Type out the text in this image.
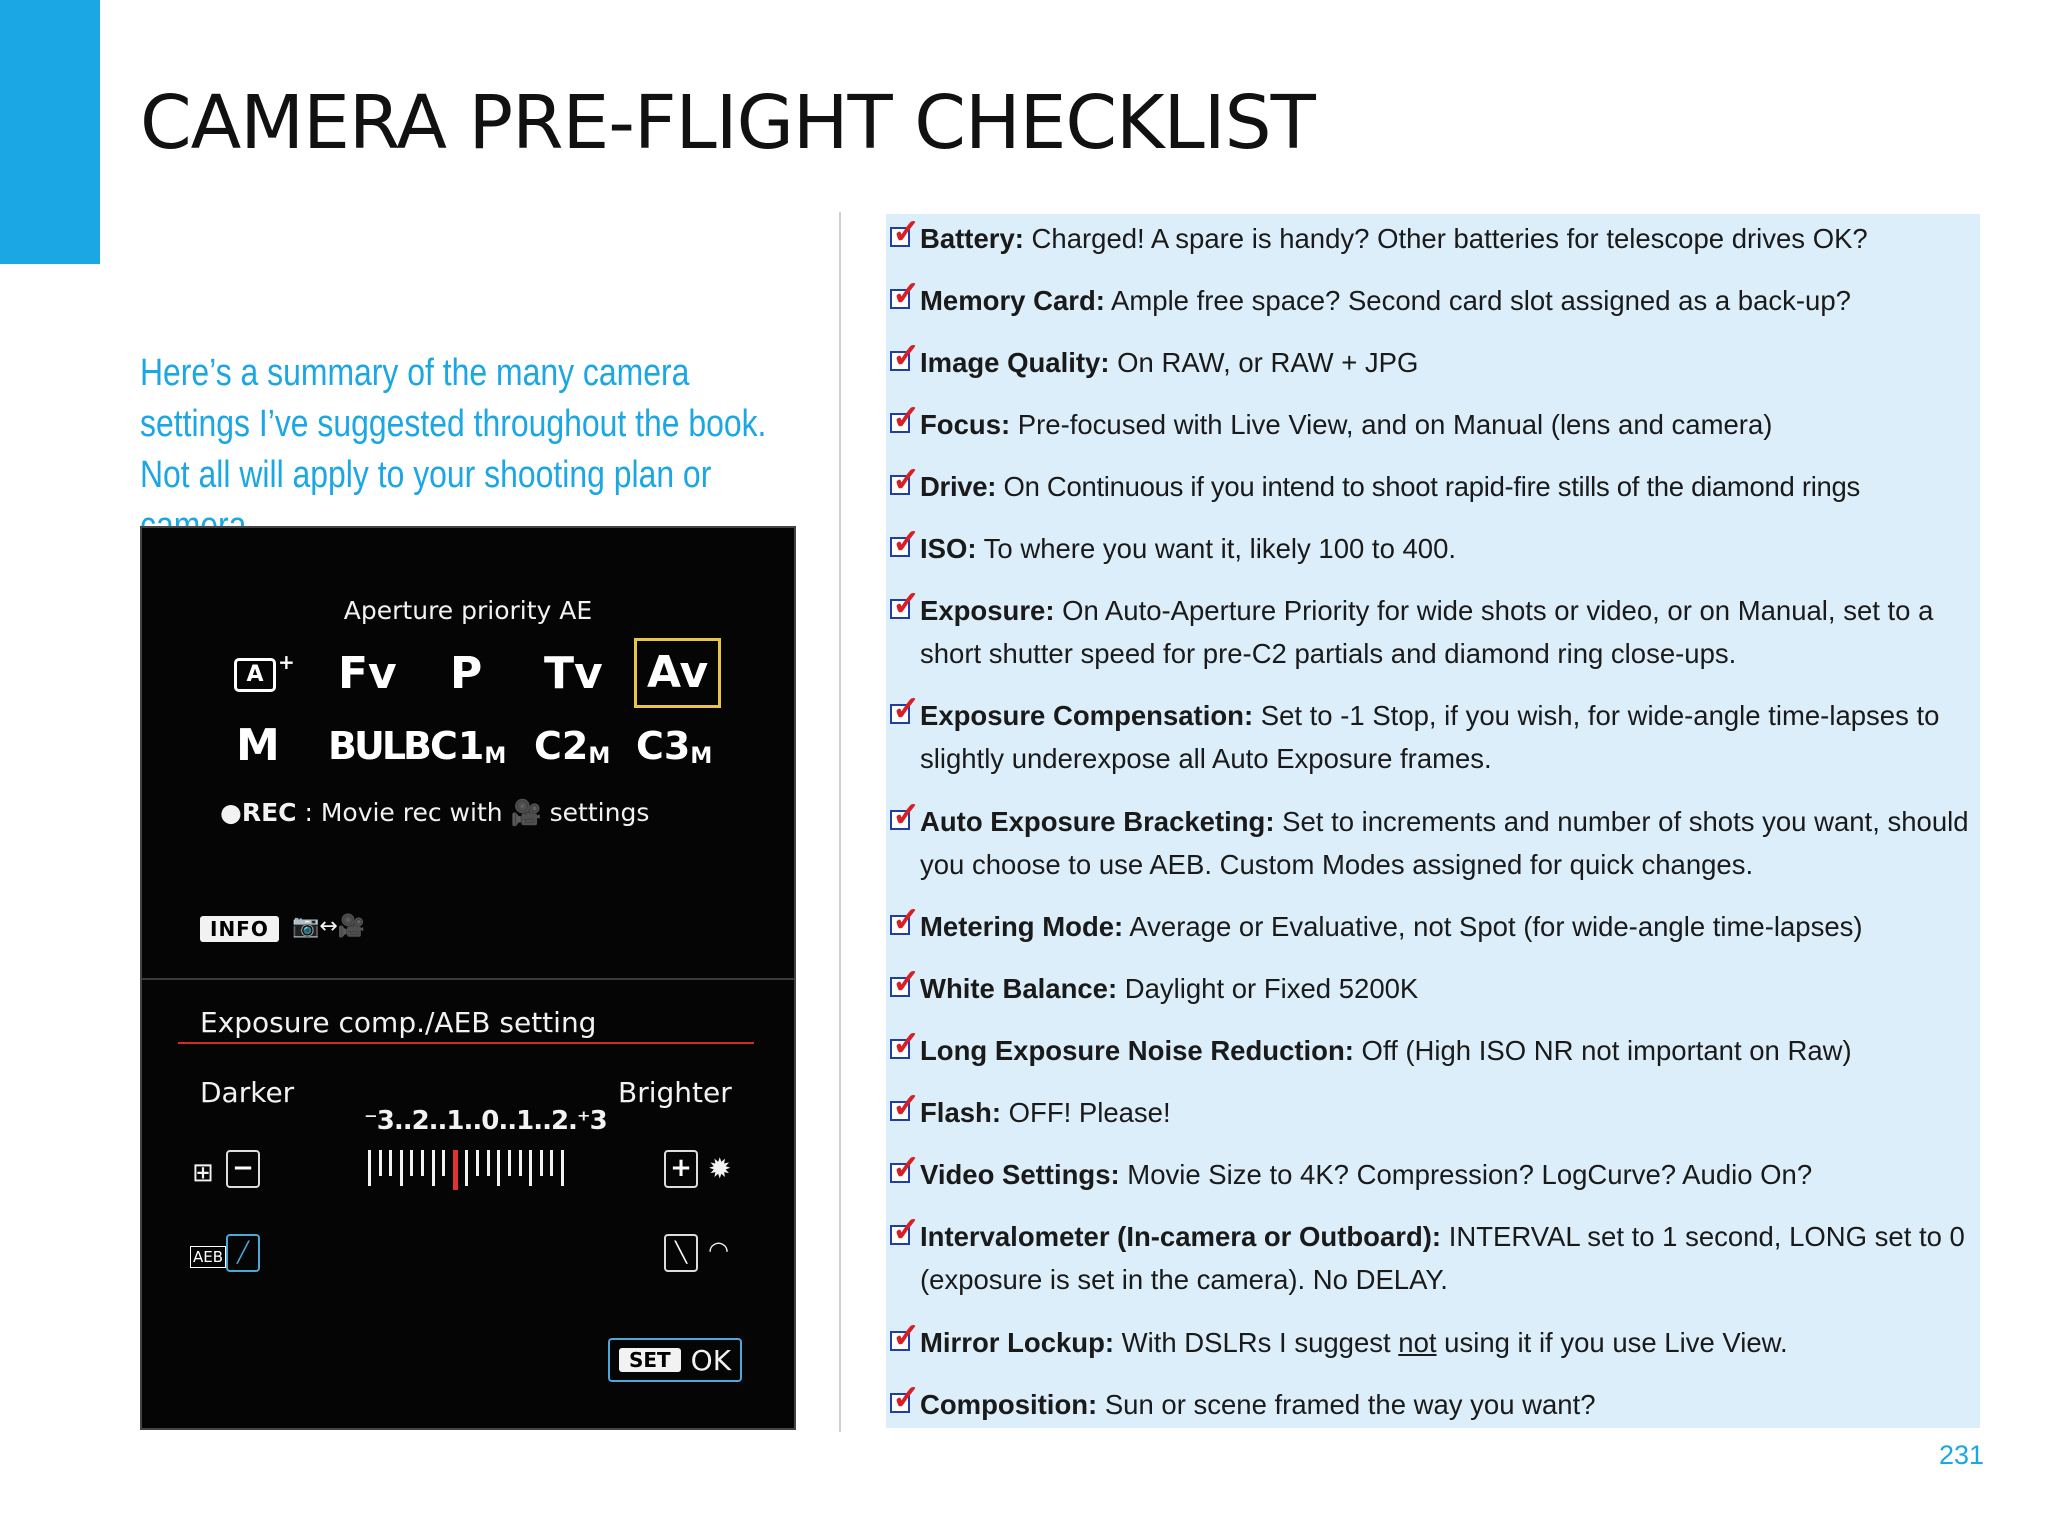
CAMERA PRE-FLIGHT CHECKLIST

Here’s a summary of the many camera settings I’ve suggested throughout the book. Not all will apply to your shooting plan or

Aperture priority AE
A + Fv P Tv Av
M BULB $C1_M$ $C2_M$ $C3_M$
●REC : Movie rec with 🎥 settings
INFO	📷↔🎥
Exposure comp./AEB setting
Darker	Brighter
⁻3..2..1..0..1..2.⁺3
⊞ −	+ ✹
AEB ╱	╲ ◠
SET OK
✓ Battery: Charged! A spare is handy? Other batteries for telescope drives OK?
✓ Memory Card: Ample free space? Second card slot assigned as a back-up?
✓ Image Quality: On RAW, or RAW + JPG
✓ Focus: Pre-focused with Live View, and on Manual (lens and camera)
✓ Drive: On Continuous if you intend to shoot rapid-fire stills of the diamond rings
✓ ISO: To where you want it, likely 100 to 400.
✓ Exposure: On Auto-Aperture Priority for wide shots or video, or on Manual, set to a short shutter speed for pre-C2 partials and diamond ring close-ups.
✓ Exposure Compensation: Set to -1 Stop, if you wish, for wide-angle time-lapses to slightly underexpose all Auto Exposure frames.
✓ Auto Exposure Bracketing: Set to increments and number of shots you want, should you choose to use AEB. Custom Modes assigned for quick changes.
✓ Metering Mode: Average or Evaluative, not Spot (for wide-angle time-lapses)
✓ White Balance: Daylight or Fixed 5200K
✓ Long Exposure Noise Reduction: Off (High ISO NR not important on Raw)
✓ Flash: OFF! Please!
✓ Video Settings: Movie Size to 4K? Compression? LogCurve? Audio On?
✓ Intervalometer (In-camera or Outboard): INTERVAL set to 1 second, LONG set to 0 (exposure is set in the camera). No DELAY.
✓ Mirror Lockup: With DSLRs I suggest not using it if you use Live View.
✓ Composition: Sun or scene framed the way you want?
231
